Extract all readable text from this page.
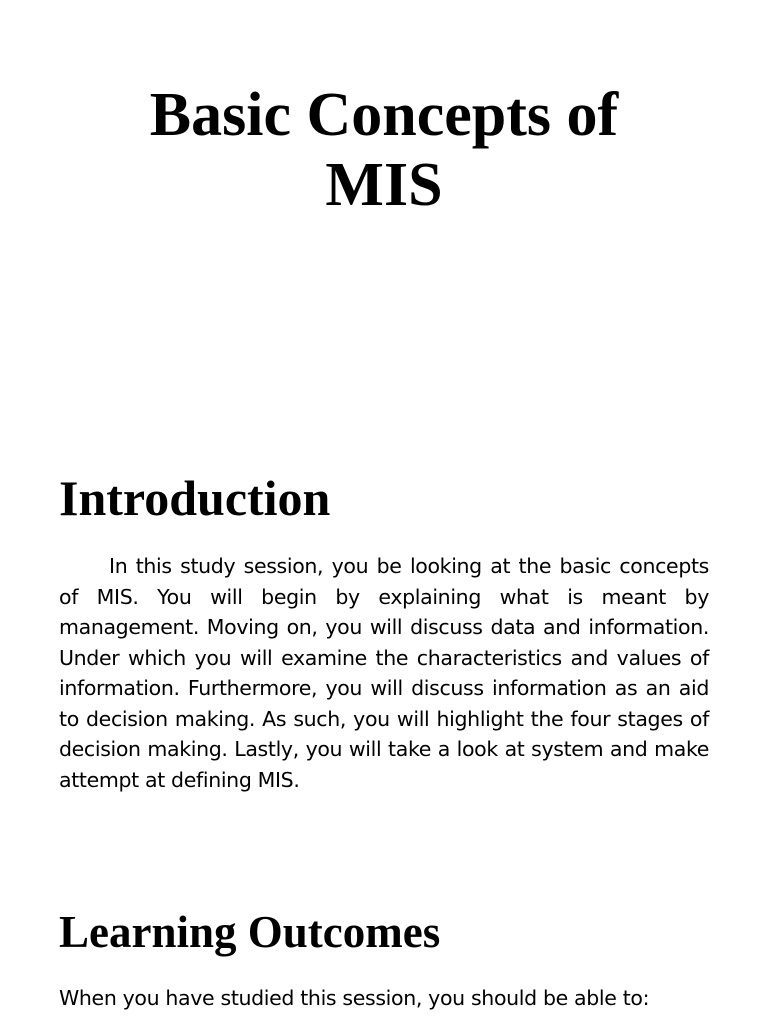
Basic Concepts of
MIS
Introduction

In this study session, you be looking at the basic concepts of MIS. You will begin by explaining what is meant by management. Moving on, you will discuss data and information. Under which you will examine the characteristics and values of information. Furthermore, you will discuss information as an aid to decision making. As such, you will highlight the four stages of decision making. Lastly, you will take a look at system and make attempt at defining MIS.

Learning Outcomes

When you have studied this session, you should be able to:
